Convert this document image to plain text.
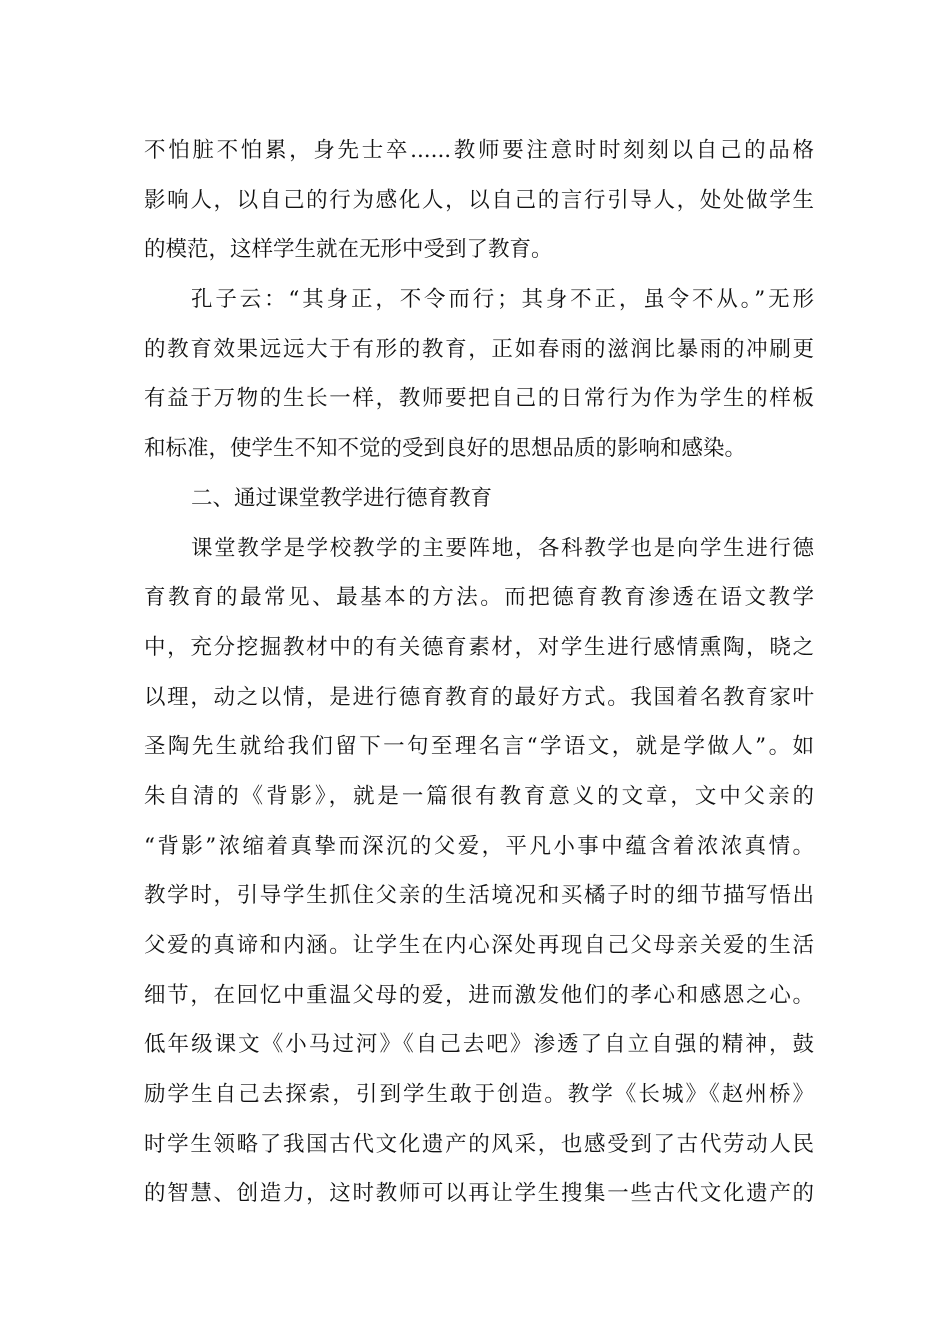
不怕脏不怕累，身先士卒......教师要注意时时刻刻以自己的品格
影响人，以自己的行为感化人，以自己的言行引导人，处处做学生
的模范，这样学生就在无形中受到了教育。
孔子云：“其身正，不令而行；其身不正，虽令不从。”无形
的教育效果远远大于有形的教育，正如春雨的滋润比暴雨的冲刷更
有益于万物的生长一样，教师要把自己的日常行为作为学生的样板
和标准，使学生不知不觉的受到良好的思想品质的影响和感染。
二、通过课堂教学进行德育教育
课堂教学是学校教学的主要阵地，各科教学也是向学生进行德
育教育的最常见、最基本的方法。而把德育教育渗透在语文教学
中，充分挖掘教材中的有关德育素材，对学生进行感情熏陶，晓之
以理，动之以情，是进行德育教育的最好方式。我国着名教育家叶
圣陶先生就给我们留下一句至理名言“学语文，就是学做人”。如
朱自清的《背影》，就是一篇很有教育意义的文章，文中父亲的
“背影”浓缩着真挚而深沉的父爱，平凡小事中蕴含着浓浓真情。
教学时，引导学生抓住父亲的生活境况和买橘子时的细节描写悟出
父爱的真谛和内涵。让学生在内心深处再现自己父母亲关爱的生活
细节，在回忆中重温父母的爱，进而激发他们的孝心和感恩之心。
低年级课文《小马过河》《自己去吧》渗透了自立自强的精神，鼓
励学生自己去探索，引到学生敢于创造。教学《长城》《赵州桥》
时学生领略了我国古代文化遗产的风采，也感受到了古代劳动人民
的智慧、创造力，这时教师可以再让学生搜集一些古代文化遗产的
